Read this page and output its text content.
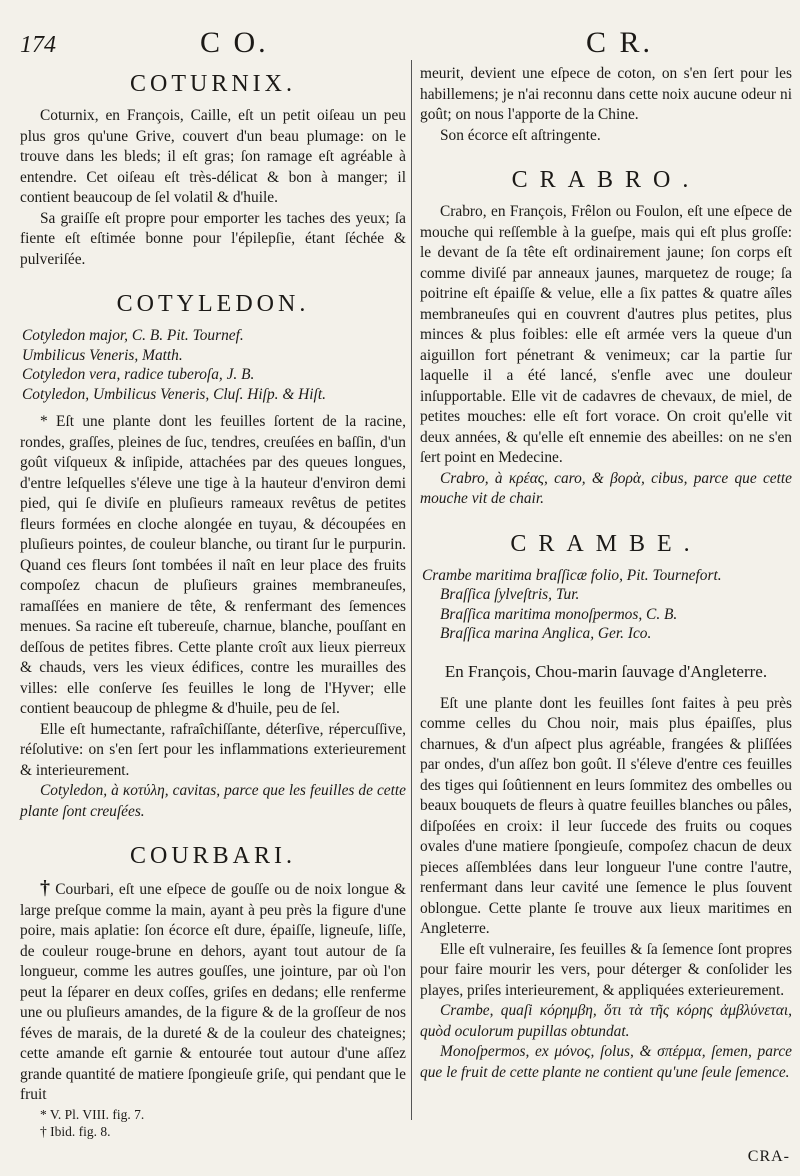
174	C O.	C R.
COTURNIX.

Coturnix, en François, Caille, eſt un petit oiſeau un peu plus gros qu'une Grive, couvert d'un beau plumage: on le trouve dans les bleds; il eſt gras; ſon ramage eſt agréable à entendre. Cet oiſeau eſt très-délicat & bon à manger; il contient beaucoup de ſel volatil & d'huile.

Sa graiſſe eſt propre pour emporter les taches des yeux; ſa fiente eſt eſtimée bonne pour l'épilepſie, étant ſéchée & pulveriſée.

COTYLEDON.
Cotyledon major, C. B. Pit. Tournef.
Umbilicus Veneris, Matth.
Cotyledon vera, radice tuberoſa, J. B.
Cotyledon, Umbilicus Veneris, Cluſ. Hiſp. & Hiſt.

* Eſt une plante dont les feuilles ſortent de la racine, rondes, graſſes, pleines de ſuc, tendres, creuſées en baſſin, d'un goût viſqueux & inſipide, attachées par des queues longues, d'entre leſquelles s'éleve une tige à la hauteur d'environ demi pied, qui ſe diviſe en pluſieurs rameaux revêtus de petites fleurs formées en cloche alongée en tuyau, & découpées en pluſieurs pointes, de couleur blanche, ou tirant ſur le purpurin. Quand ces fleurs ſont tombées il naît en leur place des fruits compoſez chacun de pluſieurs graines membraneuſes, ramaſſées en maniere de tête, & renfermant des ſemences menues. Sa racine eſt tubereuſe, charnue, blanche, pouſſant en deſſous de petites fibres. Cette plante croît aux lieux pierreux & chauds, vers les vieux édifices, contre les murailles des villes: elle conſerve ſes feuilles le long de l'Hyver; elle contient beaucoup de phlegme & d'huile, peu de ſel.

Elle eſt humectante, rafraîchiſſante, déterſive, répercuſſive, réſolutive: on s'en ſert pour les inflammations exterieurement & interieurement.

Cotyledon, à κοτύλη, cavitas, parce que les feuilles de cette plante ſont creuſées.

COURBARI.

† Courbari, eſt une eſpece de gouſſe ou de noix longue & large preſque comme la main, ayant à peu près la figure d'une poire, mais aplatie: ſon écorce eſt dure, épaiſſe, ligneuſe, liſſe, de couleur rouge-brune en dehors, ayant tout autour de ſa longueur, comme les autres gouſſes, une jointure, par où l'on peut la ſéparer en deux coſſes, griſes en dedans; elle renferme une ou pluſieurs amandes, de la figure & de la groſſeur de nos féves de marais, de la dureté & de la couleur des chateignes; cette amande eſt garnie & entourée tout autour d'une aſſez grande quantité de matiere ſpongieuſe griſe, qui pendant que le fruit

* V. Pl. VIII. fig. 7.
† Ibid. fig. 8.

meurit, devient une eſpece de coton, on s'en ſert pour les habillemens; je n'ai reconnu dans cette noix aucune odeur ni goût; on nous l'apporte de la Chine.

Son écorce eſt aſtringente.

CRABRO.

Crabro, en François, Frêlon ou Foulon, eſt une eſpece de mouche qui reſſemble à la gueſpe, mais qui eſt plus groſſe: le devant de ſa tête eſt ordinairement jaune; ſon corps eſt comme diviſé par anneaux jaunes, marquetez de rouge; ſa poitrine eſt épaiſſe & velue, elle a ſix pattes & quatre aîles membraneuſes qui en couvrent d'autres plus petites, plus minces & plus foibles: elle eſt armée vers la queue d'un aiguillon fort pénetrant & venimeux; car la partie ſur laquelle il a été lancé, s'enfle avec une douleur inſupportable. Elle vit de cadavres de chevaux, de miel, de petites mouches: elle eſt fort vorace. On croit qu'elle vit deux années, & qu'elle eſt ennemie des abeilles: on ne s'en ſert point en Medecine.

Crabro, à κρέας, caro, & βορὰ, cibus, parce que cette mouche vit de chair.

CRAMBE.
Crambe maritima braſſicæ folio, Pit. Tournefort.
Braſſica ſylveſtris, Tur.
Braſſica maritima monoſpermos, C. B.
Braſſica marina Anglica, Ger. Ico.
En François, Chou-marin ſauvage d'Angleterre.

Eſt une plante dont les feuilles ſont faites à peu près comme celles du Chou noir, mais plus épaiſſes, plus charnues, & d'un aſpect plus agréable, frangées & pliſſées par ondes, d'un aſſez bon goût. Il s'éleve d'entre ces feuilles des tiges qui ſoûtiennent en leurs ſommitez des ombelles ou beaux bouquets de fleurs à quatre feuilles blanches ou pâles, diſpoſées en croix: il leur ſuccede des fruits ou coques ovales d'une matiere ſpongieuſe, compoſez chacun de deux pieces aſſemblées dans leur longueur l'une contre l'autre, renfermant dans leur cavité une ſemence le plus ſouvent oblongue. Cette plante ſe trouve aux lieux maritimes en Angleterre.

Elle eſt vulneraire, ſes feuilles & ſa ſemence ſont propres pour faire mourir les vers, pour déterger & conſolider les playes, priſes interieurement, & appliquées exterieurement.

Crambe, quaſi κόρημβη, ὅτι τὰ τῆς κόρης ἀμβλύνεται, quòd oculorum pupillas obtundat.

Monoſpermos, ex μόνος, ſolus, & σπέρμα, ſemen, parce que le fruit de cette plante ne contient qu'une ſeule ſemence.

CRA-
